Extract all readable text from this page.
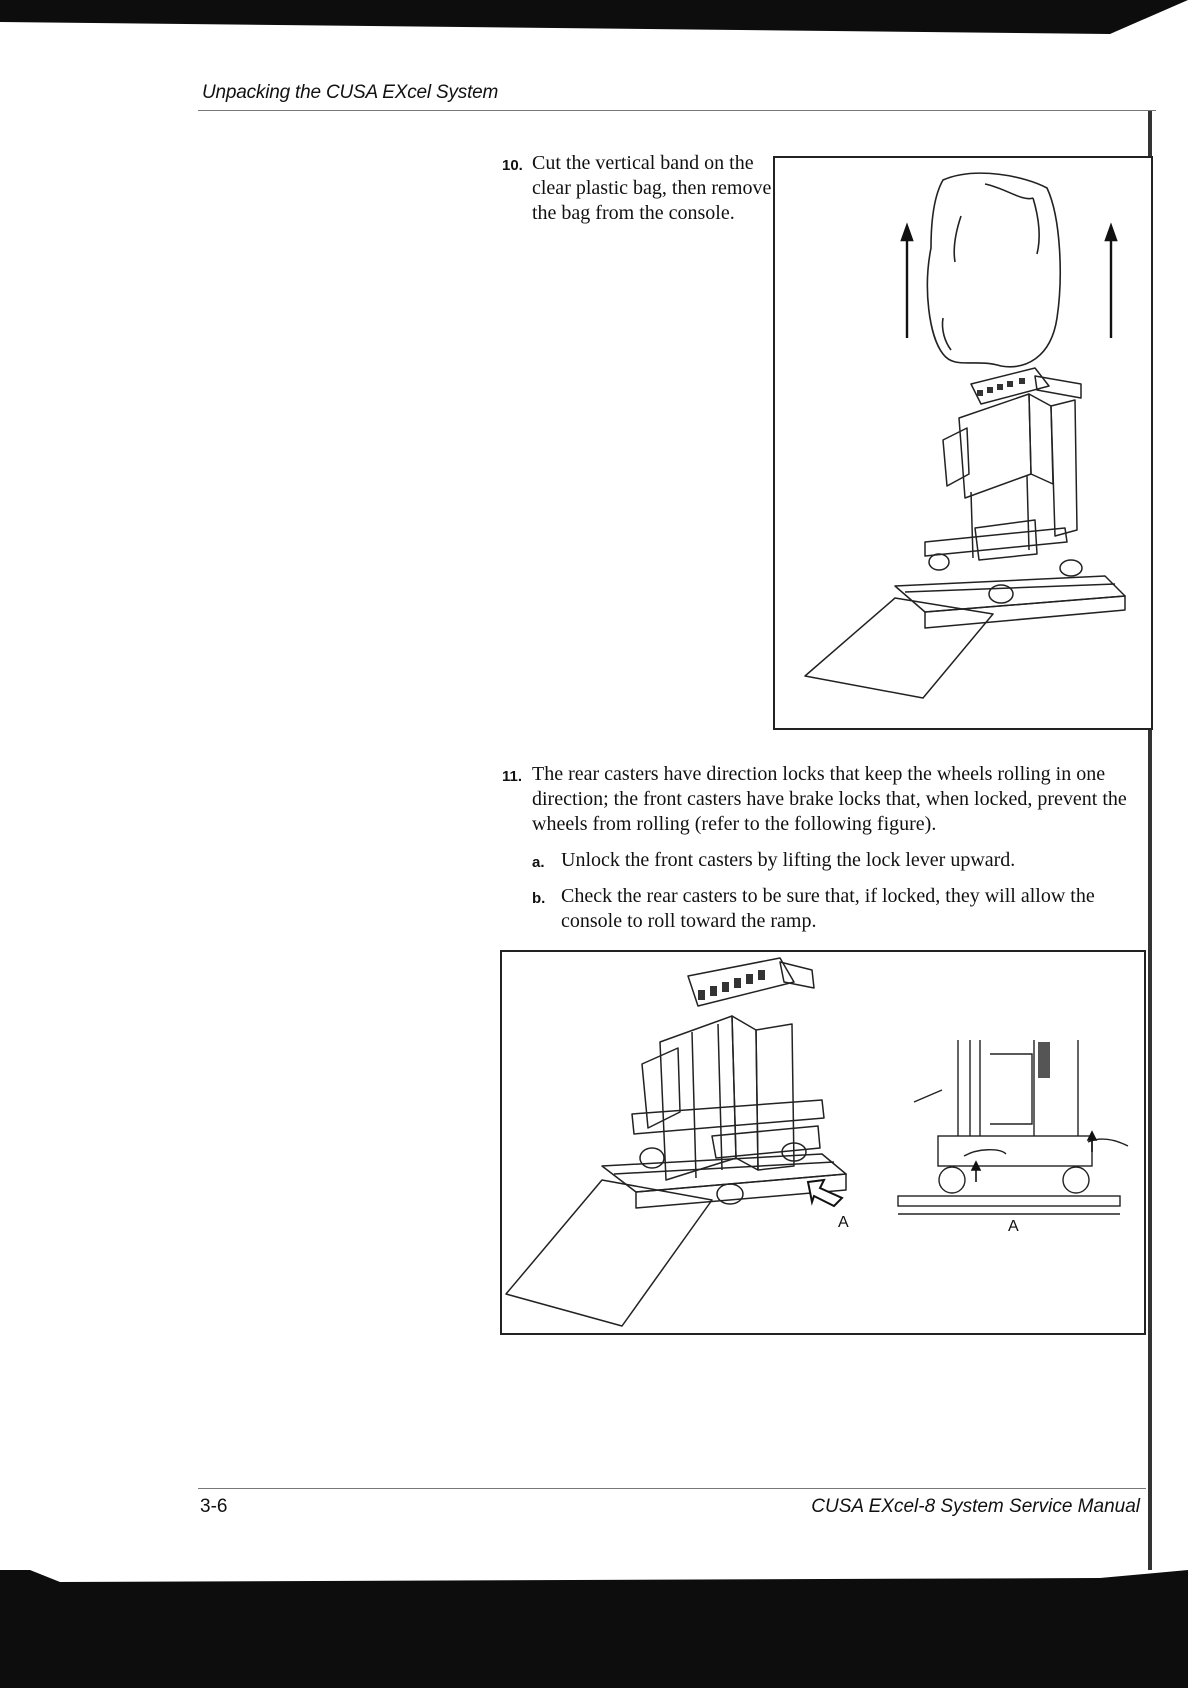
Unpacking the CUSA EXcel System
10. Cut the vertical band on the clear plastic bag, then remove the bag from the console.
11. The rear casters have direction locks that keep the wheels rolling in one direction; the front casters have brake locks that, when locked, prevent the wheels from rolling (refer to the following figure).
a. Unlock the front casters by lifting the lock lever upward.
b. Check the rear casters to be sure that, if locked, they will allow the console to roll toward the ramp.
A	A
3-6	CUSA EXcel-8 System Service Manual
